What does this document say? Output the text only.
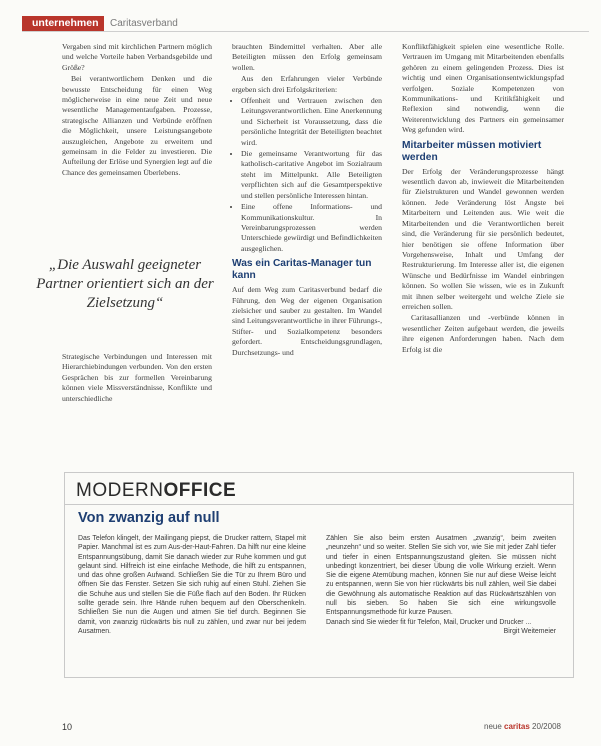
unternehmen	Caritasverband

Vergaben sind mit kirchlichen Partnern möglich und welche Vorteile haben Verbandsgebilde und Größe?

Bei verantwortlichem Denken und die bewusste Entscheidung für einen Weg möglicherweise in eine neue Zeit und neue wesentliche Managementaufgaben. Prozesse, strategische Allianzen und Verbünde eröffnen die Möglichkeit, unsere Leistungsangebote auszugleichen, Angebote zu erweitern und gemeinsam in die Felder zu investieren. Die Aufteilung der Erlöse und Synergien legt auf die Chance des gemeinsamen Überlebens.

„Die Auswahl geeigneter Partner orientiert sich an der Zielsetzung“

Strategische Verbindungen und Interessen mit Hierarchiebindungen verbunden. Von den ersten Gesprächen bis zur formellen Vereinbarung können viele Missverständnisse, Konflikte und unterschiedliche

brauchten Bindemittel verhalten. Aber alle Beteiligten müssen den Erfolg gemeinsam wollen.

Aus den Erfahrungen vieler Verbünde ergeben sich drei Erfolgskriterien:

• Offenheit und Vertrauen zwischen den Leitungsverantwortlichen. Eine Anerkennung und Sicherheit ist Voraussetzung, dass die persönliche Integrität der Beteiligten beachtet wird.
• Die gemeinsame Verantwortung für das katholisch-caritative Angebot im Sozialraum steht im Mittelpunkt. Alle Beteiligten verpflichten sich auf die Gesamtperspektive und stellen persönliche Interessen hintan.
• Eine offene Informations- und Kommunikationskultur. In Vereinbarungsprozessen werden Unterschiede gewürdigt und Befindlichkeiten ausgeglichen.
Was ein Caritas-Manager tun kann

Auf dem Weg zum Caritasverbund bedarf die Führung, den Weg der eigenen Organisation zielsicher und sauber zu gestalten. Im Wandel sind Leitungsverantwortliche in ihrer Führungs-, Stifter- und Sozialkompetenz besonders gefordert. Entscheidungsgrundlagen, Durchsetzungs- und

Konfliktfähigkeit spielen eine wesentliche Rolle. Vertrauen im Umgang mit Mitarbeitenden ebenfalls gehören zu einem gelingenden Prozess. Dies ist wichtig und einen Organisationsentwicklungspfad verfolgen. Soziale Kompetenzen von Kommunikations- und Kritikfähigkeit und Reflexion sind notwendig, wenn die Weiterentwicklung des Partners ein gemeinsamer Weg gefunden wird.

Mitarbeiter müssen motiviert werden

Der Erfolg der Veränderungsprozesse hängt wesentlich davon ab, inwieweit die Mitarbeitenden für Zielstrukturen und Wandel gewonnen werden können. Jede Veränderung löst Ängste bei Mitarbeitern und Leitenden aus. Wie weit die Mitarbeitenden und die Verantwortlichen bereit sind, die Veränderung für sie persönlich bedeutet, hier benötigen sie offene Information über Vorgehensweise, Inhalt und Umfang der Restrukturierung. Im Interesse aller ist, die eigenen Wünsche und Bedürfnisse im Wandel einbringen können. So wollen Sie wissen, wie es in Zukunft mit ihnen selber weitergeht und welche Ziele sie erreichen sollen.

Caritasallianzen und -verbünde können in wesentlicher Zeiten aufgebaut werden, die jeweils ihre eigenen Anforderungen haben. Nach dem Erfolg ist die

MODERNOFFICE
Von zwanzig auf null

Das Telefon klingelt, der Mailingang piepst, die Drucker rattern, Stapel mit Papier. Manchmal ist es zum Aus-der-Haut-Fahren. Da hilft nur eine kleine Entspannungsübung, damit Sie danach wieder zur Ruhe kommen und gut gelaunt sind. Hilfreich ist eine einfache Methode, die hilft zu entspannen, und das ohne großen Aufwand. Schließen Sie die Tür zu Ihrem Büro und öffnen Sie das Fenster. Setzen Sie sich ruhig auf einen Stuhl. Ziehen Sie die Schuhe aus und stellen Sie die Füße flach auf den Boden. Ihr Rücken sollte gerade sein. Ihre Hände ruhen bequem auf den Oberschenkeln. Schließen Sie nun die Augen und atmen Sie tief durch. Beginnen Sie damit, von zwanzig rückwärts bis null zu zählen, und zwar nur bei jedem Ausatmen.

Zählen Sie also beim ersten Ausatmen „zwanzig“, beim zweiten „neunzehn“ und so weiter. Stellen Sie sich vor, wie Sie mit jeder Zahl tiefer und tiefer in einen Entspannungszustand gleiten. Sie müssen nicht unbedingt konzentriert, bei dieser Übung die volle Wirkung erzielt. Wenn Sie die eigene Atemübung machen, können Sie nur auf diese Weise leicht zu entspannen, wenn Sie von hier rückwärts bis null zählen, weil Sie dabei die Gewöhnung als automatische Reaktion auf das Rückwärtszählen von null bis sieben. So haben Sie sich eine wirkungsvolle Entspannungsmethode für kurze Pausen.

Danach sind Sie wieder fit für Telefon, Mail, Drucker und Drucker ...

Birgit Weitemeier

10	neue caritas 20/2008
